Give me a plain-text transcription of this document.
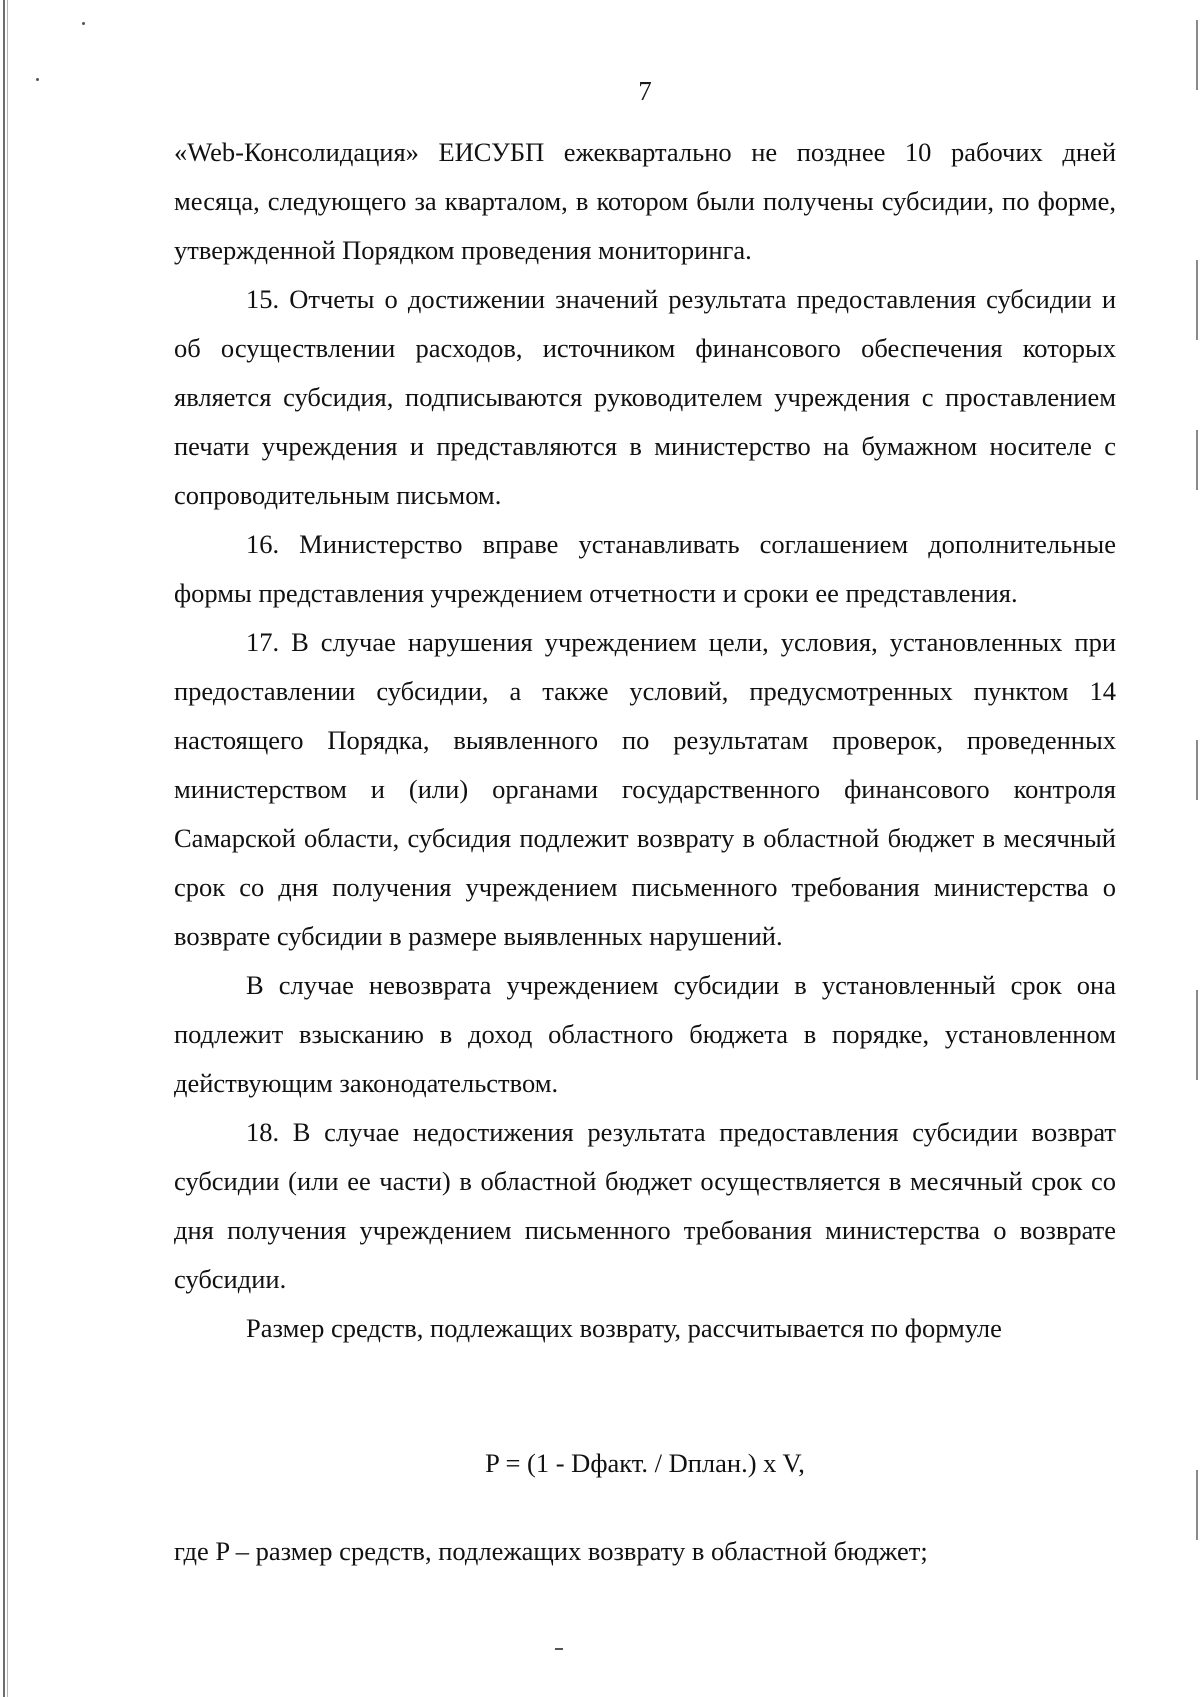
7

«Web-Консолидация» ЕИСУБП ежеквартально не позднее 10 рабочих дней месяца, следующего за кварталом, в котором были получены субсидии, по форме, утвержденной Порядком проведения мониторинга.

15. Отчеты о достижении значений результата предоставления субсидии и об осуществлении расходов, источником финансового обеспечения которых является субсидия, подписываются руководителем учреждения с проставлением печати учреждения и представляются в министерство на бумажном носителе с сопроводительным письмом.

16. Министерство вправе устанавливать соглашением дополнительные формы представления учреждением отчетности и сроки ее представления.

17. В случае нарушения учреждением цели, условия, установленных при предоставлении субсидии, а также условий, предусмотренных пунктом 14 настоящего Порядка, выявленного по результатам проверок, проведенных министерством и (или) органами государственного финансового контроля Самарской области, субсидия подлежит возврату в областной бюджет в месячный срок со дня получения учреждением письменного требования министерства о возврате субсидии в размере выявленных нарушений.

В случае невозврата учреждением субсидии в установленный срок она подлежит взысканию в доход областного бюджета в порядке, установленном действующим законодательством.

18. В случае недостижения результата предоставления субсидии возврат субсидии (или ее части) в областной бюджет осуществляется в месячный срок со дня получения учреждением письменного требования министерства о возврате субсидии.

Размер средств, подлежащих возврату, рассчитывается по формуле

P = (1 - Dфакт. / Dплан.) x V,
где P – размер средств, подлежащих возврату в областной бюджет;
